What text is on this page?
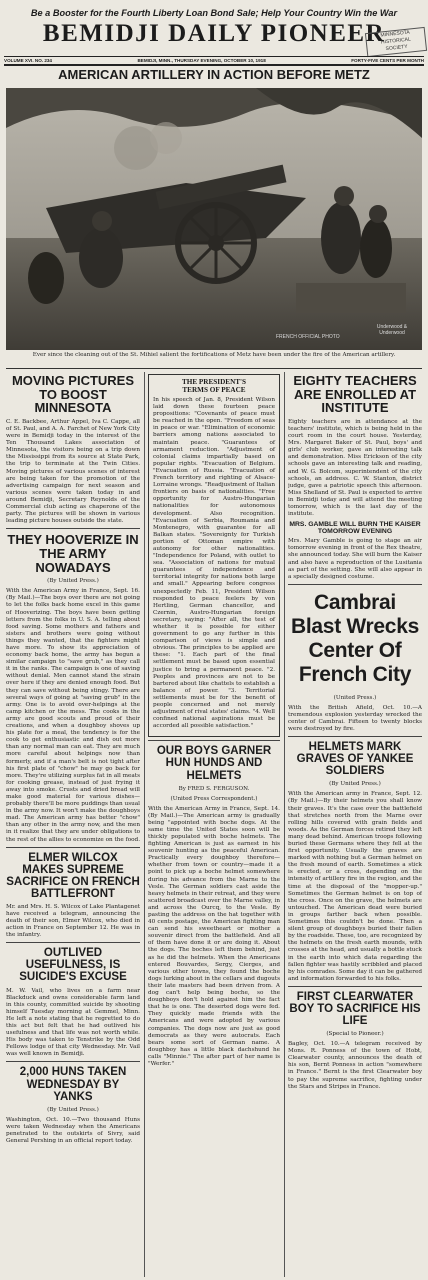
Be a Booster for the Fourth Liberty Loan Bond Sale; Help Your Country Win the War
BEMIDJI DAILY PIONEER
MINNESOTA
HISTORICAL
SOCIETY
VOLUME XVI. NO. 234	BEMIDJI, MINN., THURSDAY EVENING, OCTOBER 10, 1918	FORTY-FIVE CENTS PER MONTH
AMERICAN ARTILLERY IN ACTION BEFORE METZ
FRENCH OFFICIAL PHOTO
Underwood & Underwood
Ever since the cleaning out of the St. Mihiel salient the fortifications of Metz have been under the fire of the American artillery.
MOVING PICTURES TO BOOST MINNESOTA
C. E. Backbee, Arthur Appel, Iva C. Cappe, all of St. Paul, and A. A. Farchet of New York City were in Bemidji today in the interest of the Ten Thousand Lakes association of Minnesota, the visitors being on a trip down the Mississippi from its source at State Park, the trip to terminate at the Twin Cities. Moving pictures of various scenes of interest are being taken for the promotion of the advertising campaign for next season and various scenes were taken today in and around Bemidji, Secretary Reynolds of the Commercial club acting as chaperone of the party. The pictures will be shown in various leading picture houses outside the state.
THEY HOOVERIZE IN THE ARMY NOWADAYS
(By United Press.)
With the American Army in France, Sept. 16. (By Mail.)—The boys over there are not going to let the folks back home excel in this game of Hooverizing. The boys have been getting letters from the folks in U. S. A. telling about food saving. Some mothers and fathers and sisters and brothers were going without things they wanted, that the fighters might have more. To show its appreciation of economy back home, the army has begun a similar campaign to "save grub," as they call it in the ranks. The campaign is one of saving without denial. Men cannot stand the strain over here if they are denied enough food. But they can save without being stingy. There are several ways of going at "saving grub" in the army. One is to avoid over-helpings at the camp kitchen or the mess. The cooks in the army are good scouts and proud of their creations, and when a doughboy shoves up his plate for a meal, the tendency is for the cook to get enthusiastic and dish out more than any normal man can eat. They are much more careful about helpings now than formerly, and if a man's belt is not tight after his first plate of "chow" he may go back for more. They're utilizing surplus fat in all meats for cooking grease, instead of just frying it away into smoke. Crusts and dried bread will make good material for various dishes—probably there'll be more puddings than usual in the army now. It won't make the doughboys mad. The American army has better "chow" than any other in the army now, and the men in it realize that they are under obligations to the rest of the allies to economize on the food.
ELMER WILCOX MAKES SUPREME SACRIFICE ON FRENCH BATTLEFRONT
Mr. and Mrs. H. S. Wilcox of Lake Plantagenet have received a telegram, announcing the death of their son, Elmer Wilcox, who died in action in France on September 12. He was in the infantry.
OUTLIVED USEFULNESS, IS SUICIDE'S EXCUSE
M. W. Vail, who lives on a farm near Blackduck and owns considerable farm land in this county, committed suicide by shooting himself Tuesday morning at Gemmel, Minn. He left a note stating that he regretted to do this act but felt that he had outlived his usefulness and that life was not worth while. His body was taken to Tenstrike by the Odd Fellows lodge of that city Wednesday. Mr. Vail was well known in Bemidji.
2,000 HUNS TAKEN WEDNESDAY BY YANKS
(By United Press.)
Washington, Oct. 10.—Two thousand Huns were taken Wednesday when the Americans penetrated to the outskirts of Sivry, said General Pershing in an official report today.
THE PRESIDENT'S
TERMS OF PEACE
In his speech of Jan. 8, President Wilson laid down these fourteen peace propositions: "Covenants of peace must be reached in the open. "Freedom of seas in peace or war. "Elimination of economic barriers among nations associated to maintain peace. "Guarantees of armament reduction. "Adjustment of colonial claims impartially based on popular rights. "Evacuation of Belgium. "Evacuation of Russia. "Evacuation of French territory and righting of Alsace-Lorraine wrongs. "Readjustment of Italian frontiers on basis of nationalities. "Free opportunity for Austro-Hungarian nationalities for autonomous development. Also recognition. "Evacuation of Serbia, Roumania and Montenegro, with guarantee for all Balkan states. "Sovereignty for Turkish portion of Ottoman empire with autonomy for other nationalities. "Independence for Poland, with outlet to sea. "Association of nations for mutual guarantees of independence and territorial integrity for nations both large and small." Appearing before congress unexpectedly Feb. 11, President Wilson responded to peace feelers by von Hertling, German chancellor, and Czernin, Austro-Hungarian foreign secretary, saying: "After all, the test of whether it is possible for either government to go any further in this comparison of views is simple and obvious. The principles to be applied are these: "1. Each part of the final settlement must be based upon essential justice to bring a permanent peace. "2. Peoples and provinces are not to be bartered about like chattels to establish a balance of power. "3. Territorial settlements must be for the benefit of people concerned and not merely adjustment of rival states' claims. "4. Well confined national aspirations must be accorded all possible satisfaction."
OUR BOYS GARNER HUN HUNDS AND HELMETS
By FRED S. FERGUSON.
(United Press Correspondent.)
With the American Army in France, Sept. 14. (By Mail.)—The American army is gradually being "appointed with boche dogs. At the same time the United States soon will be thickly populated with boche helmets. The fighting American is just as earnest in his souvenir hunting as the peaceful American. Practically every doughboy therefore—whether from town or country—made it a point to pick up a boche helmet somewhere during his advance from the Marne to the Vesle. The German soldiers cast aside the heavy helmets in their retreat, and they were scattered broadcast over the Marne valley, in and across the Ourcq, to the Vesle. By pasting the address on the hat together with 40 cents postage, the American fighting man can send his sweetheart or mother a souvenir direct from the battlefield. And all of them have done it or are doing it. About the dogs. The boches left them behind, just as he did the helmets. When the Americans entered Bouvardes, Sergy, Cierges, and various other towns, they found the boche dogs lurking about in the cellars and dugouts their late masters had been driven from. A dog can't help being boche, so the doughboys don't hold against him the fact that he is one. The deserted dogs were fed. They quickly made friends with the Americans and were adopted by various companies. The dogs now are just as good democrats as they were autocrats. Each bears some sort of German name. A doughboy has a little black dachshund he calls "Minnie." The after part of her name is "Werfer."
EIGHTY TEACHERS ARE ENROLLED AT INSTITUTE
Eighty teachers are in attendance at the teachers' institute, which is being held in the court room in the court house. Yesterday, Mrs. Margaret Baker of St. Paul, boys' and girls' club worker, gave an interesting talk and demonstration. Miss Erickson of the city schools gave an interesting talk and reading, and W. G. Bolcom, superintendent of the city schools, an address. C. W. Stanton, district judge, gave a patriotic speech this afternoon. Miss Shelland of St. Paul is expected to arrive in Bemidji today and will attend the meeting tomorrow, which is the last day of the institute.
MRS. GAMBLE WILL BURN THE KAISER TOMORROW EVENING
Mrs. Mary Gamble is going to stage an air tomorrow evening in front of the Rex theatre, she announced today. She will burn the Kaiser and also have a reproduction of the Lusitania as part of the setting. She will also appear in a specially designed costume.
Cambrai Blast Wrecks Center Of French City
(United Press.)
With the British Afield, Oct. 10.—A tremendous explosion yesterday wrecked the center of Cambrai. Fifteen to twenty blocks were destroyed by fire.
HELMETS MARK GRAVES OF YANKEE SOLDIERS
(By United Press.)
With the American army in France, Sept. 12. (By Mail.)—By their helmets you shall know their graves. It's the case over the battlefield that stretches north from the Marne over rolling hills covered with grain fields and woods. As the German forces retired they left many dead behind. American troops following buried these Germans where they fell at the first opportunity. Usually the graves are marked with nothing but a German helmet on the fresh mound of earth. Sometimes a stick is erected, or a cross, depending on the intensity of artillery fire in the region, and the time at the disposal of the "mopper-up." Sometimes the German helmet is on top of the cross. Once on the grave, the helmets are untouched. The American dead were buried in groups farther back when possible. Sometimes this couldn't be done. Then a silent group of doughboys buried their fallen by the roadside. These, too, are recognized by the helmets on the fresh earth mounds, with crosses at the head, and usually a bottle stuck in the earth into which data regarding the fallen fighter was hastily scribbled and placed by his comrades. Some day it can be gathered and information forwarded to his folks.
FIRST CLEARWATER BOY TO SACRIFICE HIS LIFE
(Special to Pioneer.)
Bagley, Oct. 10.—A telegram received by Mons. R. Ponness of the town of Hobt, Clearwater county, announces the death of his son, Bernt Ponness in action "somewhere in France." Bernt is the first Clearwater boy to pay the supreme sacrifice, fighting under the Stars and Stripes in France.
